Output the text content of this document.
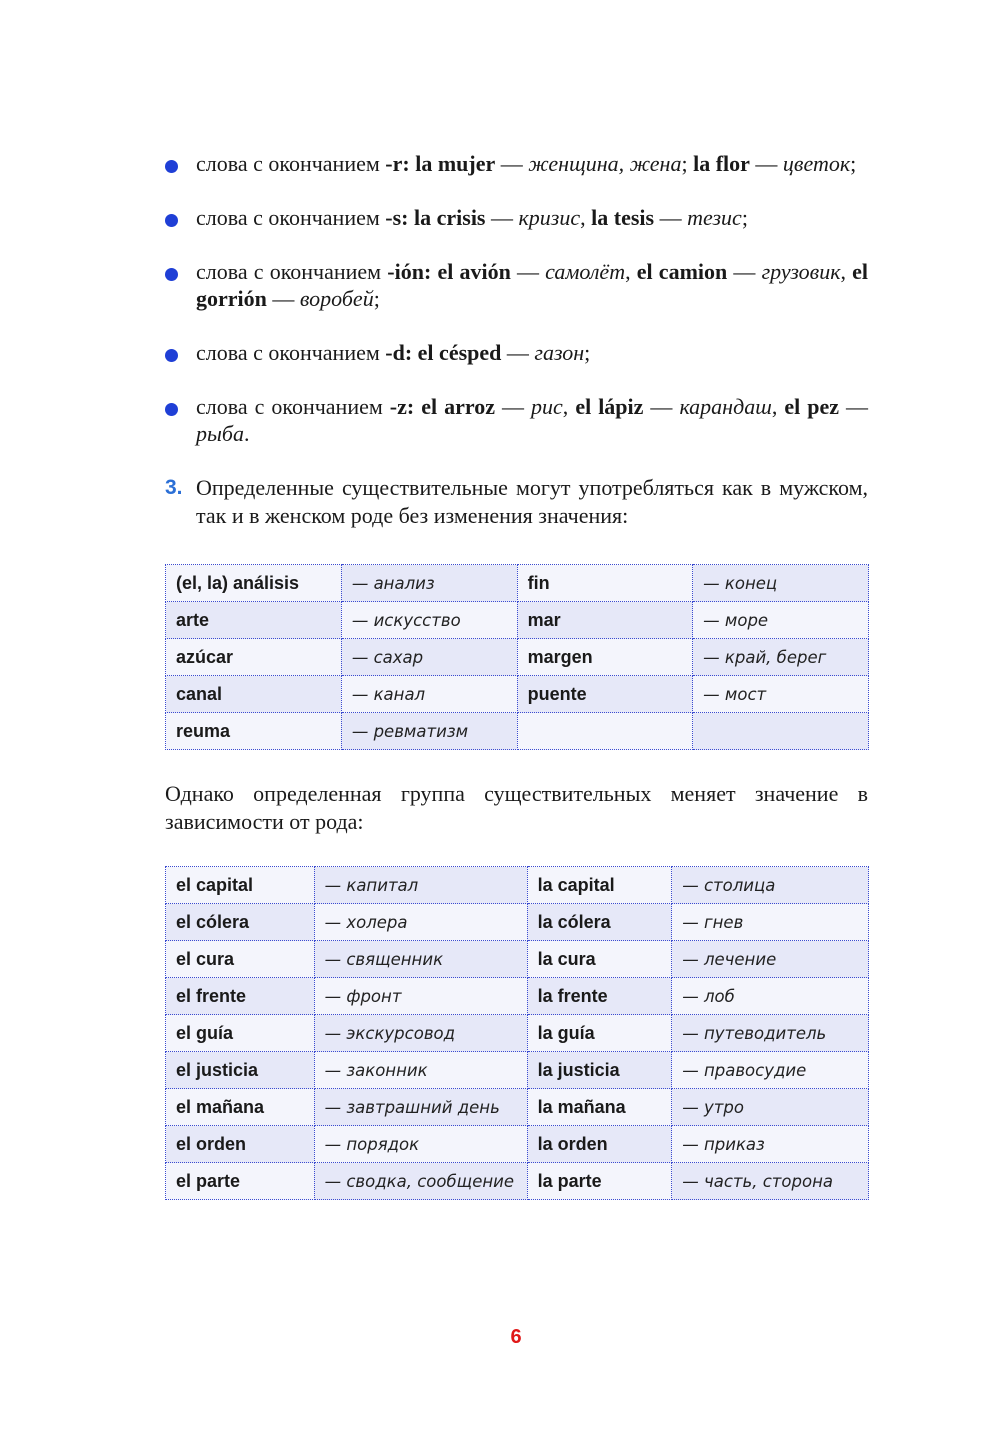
слова с окончанием -r: la mujer — женщина, жена; la flor — цветок;
слова с окончанием -s: la crisis — кризис, la tesis — тезис;
слова с окончанием -ión: el avión — самолёт, el camion — грузовик, el gorrión — воробей;
слова с окончанием -d: el césped — газон;
слова с окончанием -z: el arroz — рис, el lápiz — карандаш, el pez — рыба.
3. Определенные существительные могут употребляться как в мужском, так и в женском роде без изменения значения:
(el, la) análisis	— анализ	fin	— конец
arte	— искусство	mar	— море
azúcar	— сахар	margen	— край, берег
canal	— канал	puente	— мост
reuma	— ревматизм		
Однако определенная группа существительных меняет значение в зависимости от рода:
el capital	— капитал	la capital	— столица
el cólera	— холера	la cólera	— гнев
el cura	— священник	la cura	— лечение
el frente	— фронт	la frente	— лоб
el guía	— экскурсовод	la guía	— путеводитель
el justicia	— законник	la justicia	— правосудие
el mañana	— завтрашний день	la mañana	— утро
el orden	— порядок	la orden	— приказ
el parte	— сводка, сообщение	la parte	— часть, сторона
6
